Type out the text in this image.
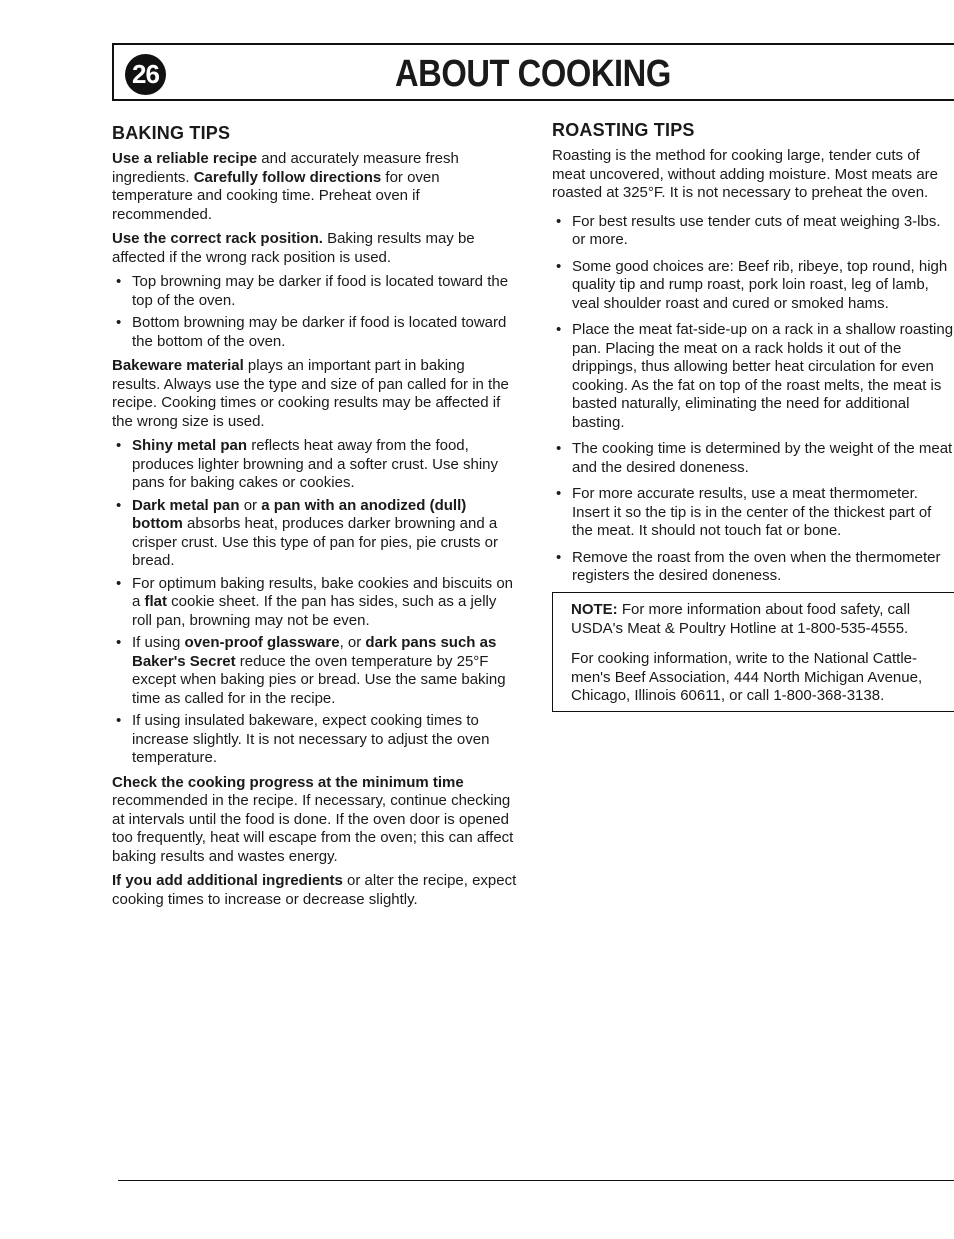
26	ABOUT COOKING
BAKING TIPS

Use a reliable recipe and accurately measure fresh ingredients. Carefully follow directions for oven temperature and cooking time. Preheat oven if recommended.

Use the correct rack position. Baking results may be affected if the wrong rack position is used.

• Top browning may be darker if food is located toward the top of the oven.
• Bottom browning may be darker if food is located toward the bottom of the oven.

Bakeware material plays an important part in baking results. Always use the type and size of pan called for in the recipe. Cooking times or cooking results may be affected if the wrong size is used.

• Shiny metal pan reflects heat away from the food, produces lighter browning and a softer crust. Use shiny pans for baking cakes or cookies.
• Dark metal pan or a pan with an anodized (dull) bottom absorbs heat, produces darker browning and a crisper crust. Use this type of pan for pies, pie crusts or bread.
• For optimum baking results, bake cookies and biscuits on a flat cookie sheet. If the pan has sides, such as a jelly roll pan, browning may not be even.
• If using oven-proof glassware, or dark pans such as Baker's Secret reduce the oven temperature by 25°F except when baking pies or bread. Use the same baking time as called for in the recipe.
• If using insulated bakeware, expect cooking times to increase slightly. It is not necessary to adjust the oven temperature.

Check the cooking progress at the minimum time recommended in the recipe. If necessary, continue checking at intervals until the food is done. If the oven door is opened too frequently, heat will escape from the oven; this can affect baking results and wastes energy.

If you add additional ingredients or alter the recipe, expect cooking times to increase or decrease slightly.

ROASTING TIPS

Roasting is the method for cooking large, tender cuts of meat uncovered, without adding moisture. Most meats are roasted at 325°F. It is not necessary to preheat the oven.

• For best results use tender cuts of meat weighing 3-lbs. or more.
• Some good choices are: Beef rib, ribeye, top round, high quality tip and rump roast, pork loin roast, leg of lamb, veal shoulder roast and cured or smoked hams.
• Place the meat fat-side-up on a rack in a shallow roasting pan. Placing the meat on a rack holds it out of the drippings, thus allowing better heat circulation for even cooking. As the fat on top of the roast melts, the meat is basted naturally, eliminating the need for additional basting.
• The cooking time is determined by the weight of the meat and the desired doneness.
• For more accurate results, use a meat thermometer. Insert it so the tip is in the center of the thickest part of the meat. It should not touch fat or bone.
• Remove the roast from the oven when the thermometer registers the desired doneness.

NOTE: For more information about food safety, call USDA's Meat & Poultry Hotline at 1-800-535-4555.

For cooking information, write to the National Cattle-men's Beef Association, 444 North Michigan Avenue, Chicago, Illinois 60611, or call 1-800-368-3138.
